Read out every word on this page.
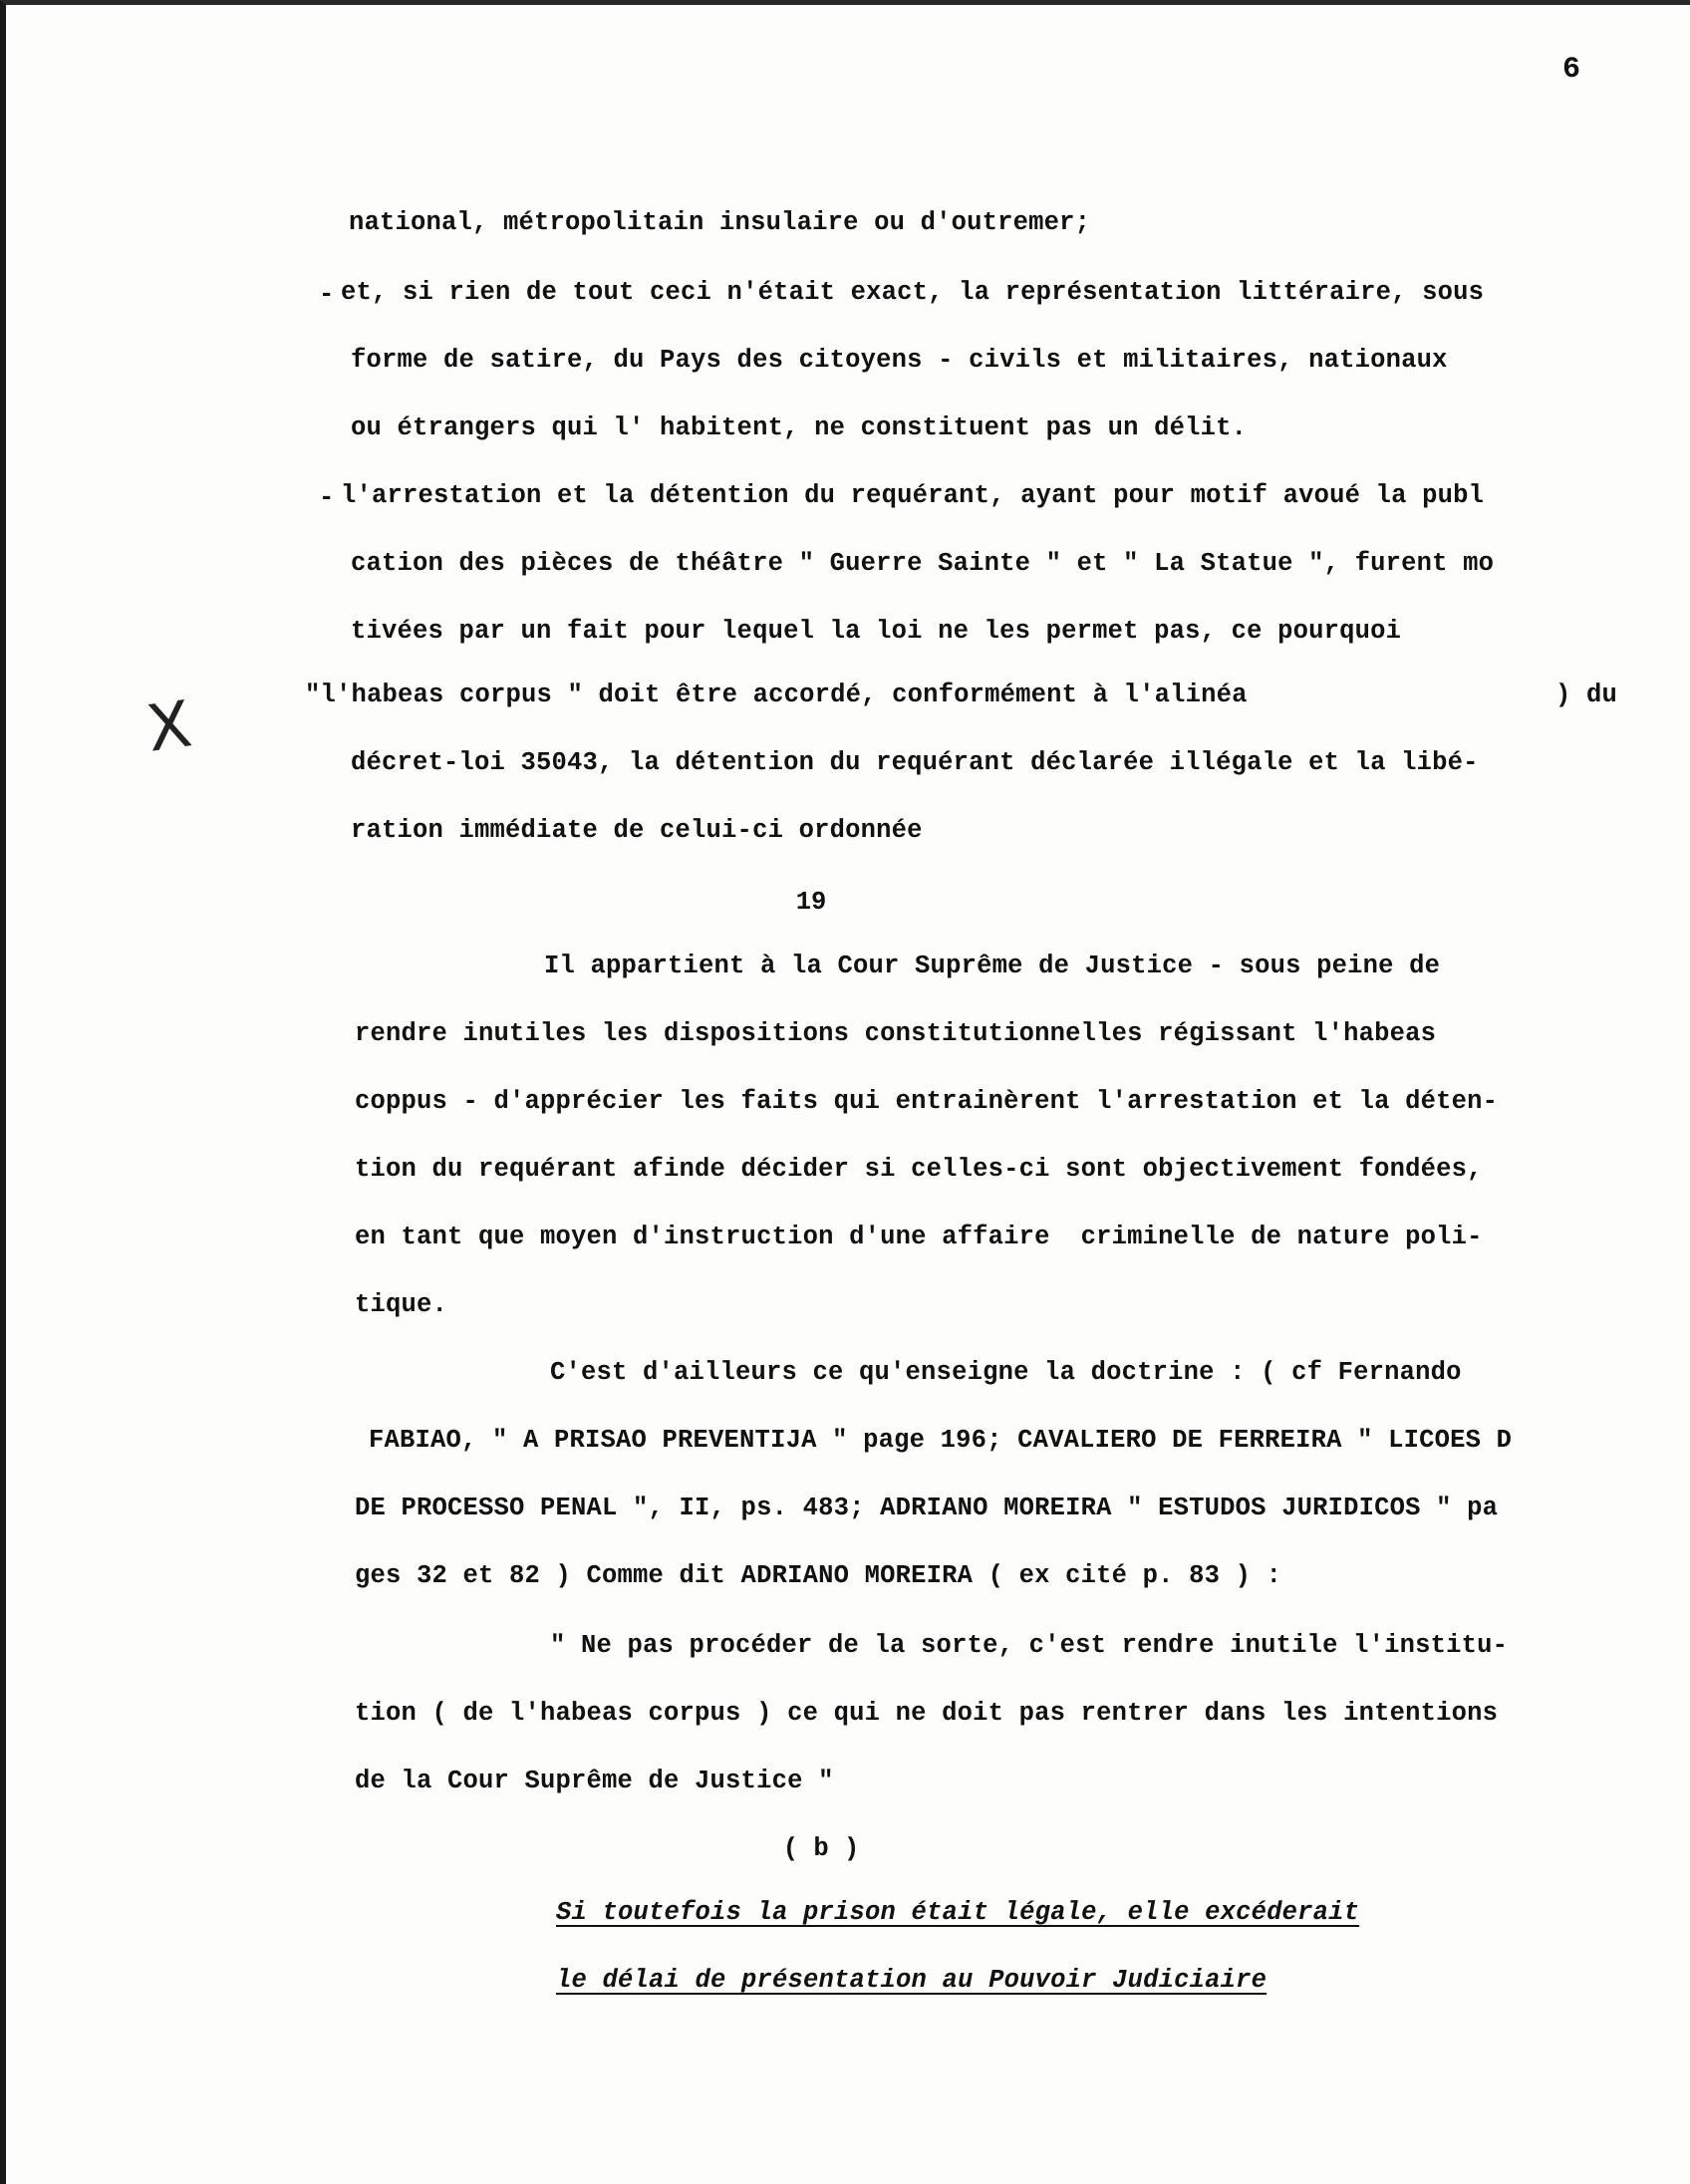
6
X
national, métropolitain insulaire ou d'outremer;
- et, si rien de tout ceci n'était exact, la représentation littéraire, sous
forme de satire, du Pays des citoyens - civils et militaires, nationaux
ou étrangers qui l' habitent, ne constituent pas un délit.
- l'arrestation et la détention du requérant, ayant pour motif avoué la publ
cation des pièces de théâtre " Guerre Sainte " et " La Statue ", furent mo
tivées par un fait pour lequel la loi ne les permet pas, ce pourquoi
"l'habeas corpus " doit être accordé, conformément à l'alinéa	) du
décret-loi 35043, la détention du requérant déclarée illégale et la libé-
ration immédiate de celui-ci ordonnée
19
Il appartient à la Cour Suprême de Justice - sous peine de
rendre inutiles les dispositions constitutionnelles régissant l'habeas
coppus - d'apprécier les faits qui entrainèrent l'arrestation et la déten-
tion du requérant afinde décider si celles-ci sont objectivement fondées,
en tant que moyen d'instruction d'une affaire  criminelle de nature poli-
tique.
C'est d'ailleurs ce qu'enseigne la doctrine : ( cf Fernando
FABIAO, " A PRISAO PREVENTIJA " page 196; CAVALIERO DE FERREIRA " LICOES D
DE PROCESSO PENAL ", II, ps. 483; ADRIANO MOREIRA " ESTUDOS JURIDICOS " pa
ges 32 et 82 ) Comme dit ADRIANO MOREIRA ( ex cité p. 83 ) :
" Ne pas procéder de la sorte, c'est rendre inutile l'institu-
tion ( de l'habeas corpus ) ce qui ne doit pas rentrer dans les intentions
de la Cour Suprême de Justice "
( b )
Si toutefois la prison était légale, elle excéderait
le délai de présentation au Pouvoir Judiciaire
